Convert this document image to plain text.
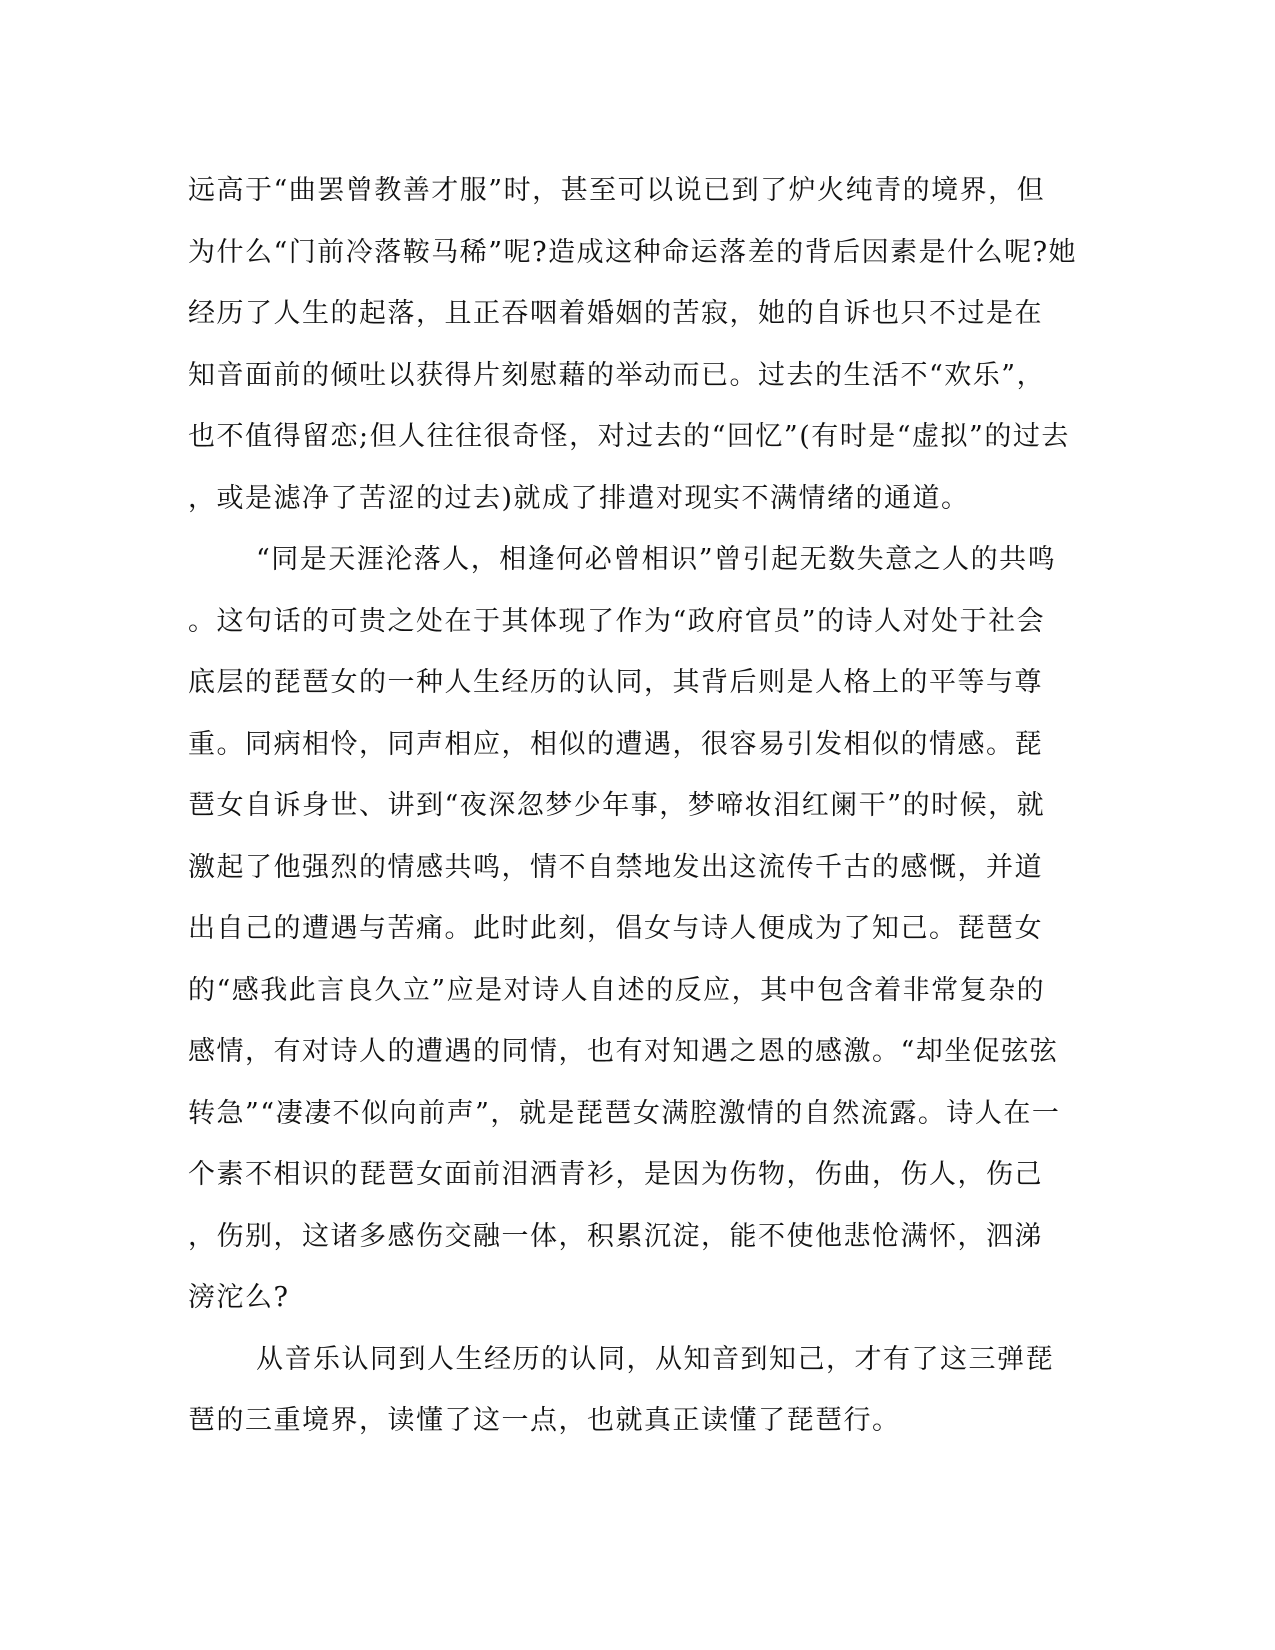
远高于“曲罢曾教善才服”时，甚至可以说已到了炉火纯青的境界，但
为什么“门前冷落鞍马稀”呢?造成这种命运落差的背后因素是什么呢?她
经历了人生的起落，且正吞咽着婚姻的苦寂，她的自诉也只不过是在
知音面前的倾吐以获得片刻慰藉的举动而已。过去的生活不“欢乐”，
也不值得留恋;但人往往很奇怪，对过去的“回忆”(有时是“虚拟”的过去
，或是滤净了苦涩的过去)就成了排遣对现实不满情绪的通道。
“同是天涯沦落人，相逢何必曾相识”曾引起无数失意之人的共鸣
。这句话的可贵之处在于其体现了作为“政府官员”的诗人对处于社会
底层的琵琶女的一种人生经历的认同，其背后则是人格上的平等与尊
重。同病相怜，同声相应，相似的遭遇，很容易引发相似的情感。琵
琶女自诉身世、讲到“夜深忽梦少年事，梦啼妆泪红阑干”的时候，就
激起了他强烈的情感共鸣，情不自禁地发出这流传千古的感慨，并道
出自己的遭遇与苦痛。此时此刻，倡女与诗人便成为了知己。琵琶女
的“感我此言良久立”应是对诗人自述的反应，其中包含着非常复杂的
感情，有对诗人的遭遇的同情，也有对知遇之恩的感激。“却坐促弦弦
转急”“凄凄不似向前声”，就是琵琶女满腔激情的自然流露。诗人在一
个素不相识的琵琶女面前泪洒青衫，是因为伤物，伤曲，伤人，伤己
，伤别，这诸多感伤交融一体，积累沉淀，能不使他悲怆满怀，泗涕
滂沱么?
从音乐认同到人生经历的认同，从知音到知己，才有了这三弹琵
琶的三重境界，读懂了这一点，也就真正读懂了琵琶行。
